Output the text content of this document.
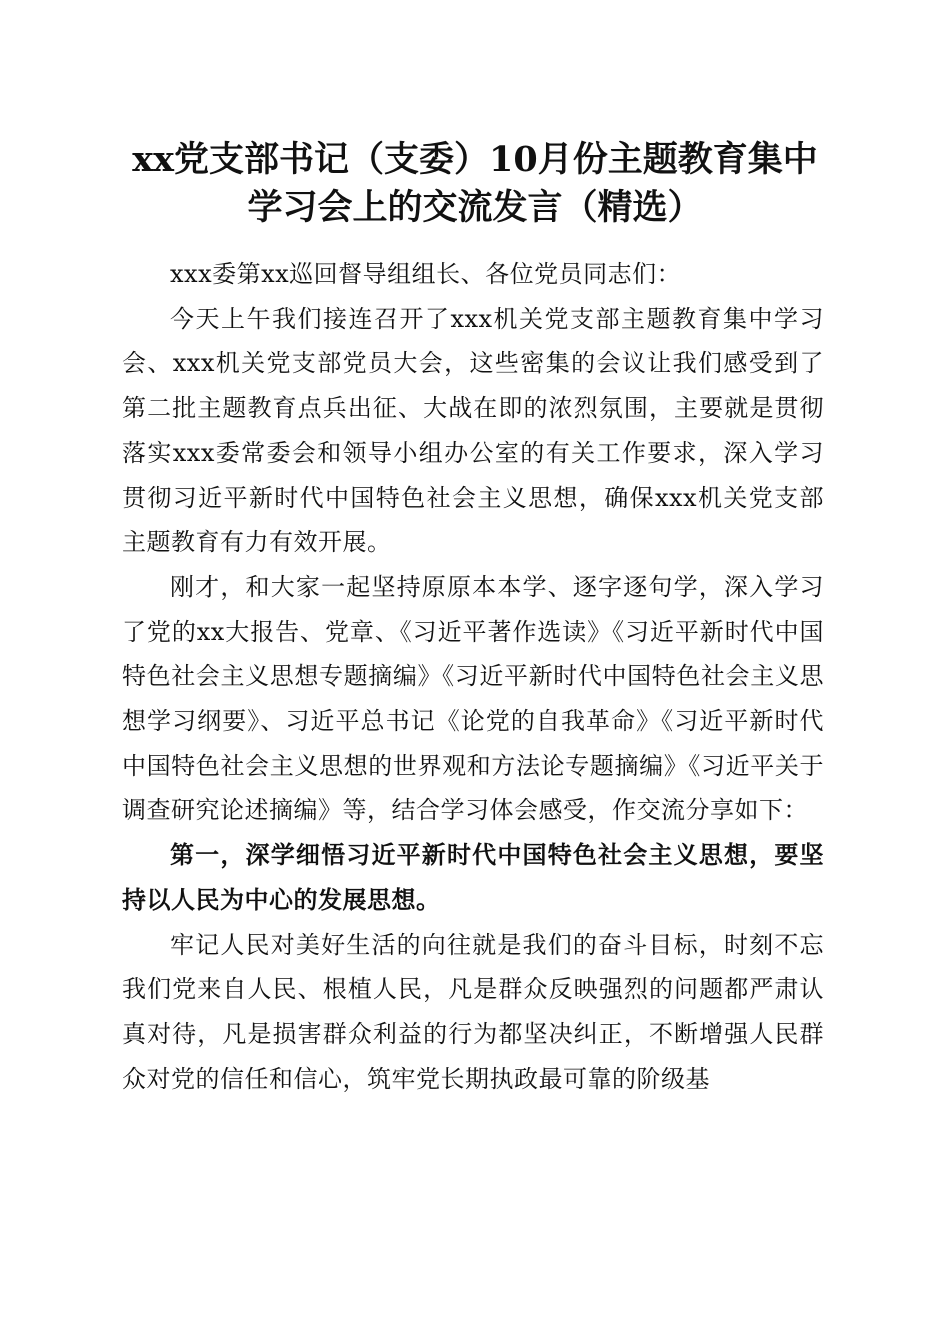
xx党支部书记（支委）10月份主题教育集中
学习会上的交流发言（精选）

xxx委第xx巡回督导组组长、各位党员同志们：

今天上午我们接连召开了xxx机关党支部主题教育集中学习会、xxx机关党支部党员大会，这些密集的会议让我们感受到了第二批主题教育点兵出征、大战在即的浓烈氛围，主要就是贯彻落实xxx委常委会和领导小组办公室的有关工作要求，深入学习贯彻习近平新时代中国特色社会主义思想，确保xxx机关党支部主题教育有力有效开展。

刚才，和大家一起坚持原原本本学、逐字逐句学，深入学习了党的xx大报告、党章、《习近平著作选读》《习近平新时代中国特色社会主义思想专题摘编》《习近平新时代中国特色社会主义思想学习纲要》、习近平总书记《论党的自我革命》《习近平新时代中国特色社会主义思想的世界观和方法论专题摘编》《习近平关于调查研究论述摘编》等，结合学习体会感受，作交流分享如下：

第一，深学细悟习近平新时代中国特色社会主义思想，要坚持以人民为中心的发展思想。

牢记人民对美好生活的向往就是我们的奋斗目标，时刻不忘我们党来自人民、根植人民，凡是群众反映强烈的问题都严肃认真对待，凡是损害群众利益的行为都坚决纠正，不断增强人民群众对党的信任和信心，筑牢党长期执政最可靠的阶级基
